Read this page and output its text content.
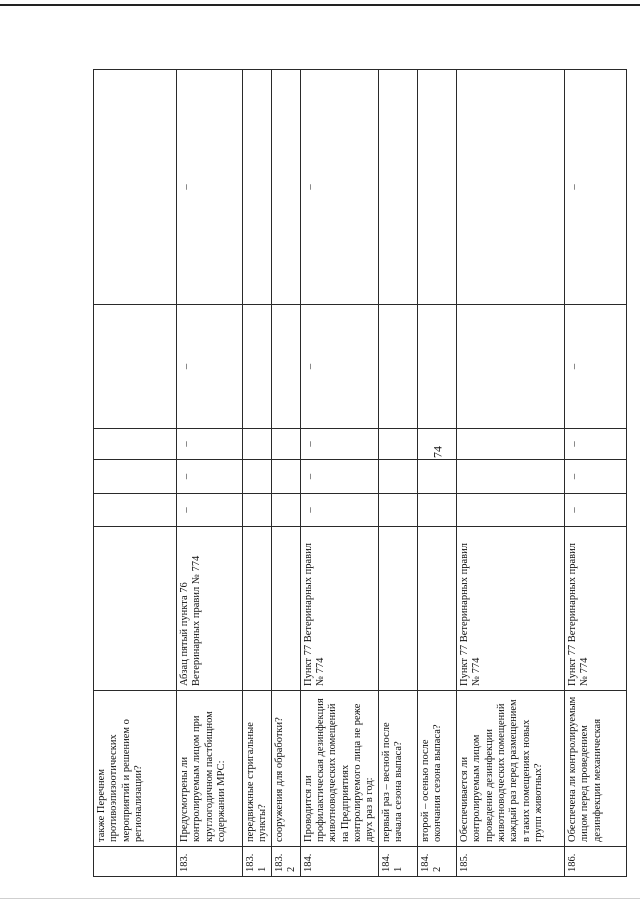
74
	также Перечнем противоэпизоотических мероприятий и решением о регионализации?						
183.	Предусмотрены ли контролируемым лицом при круглогодичном пастбищном содержании МРС:	Абзац пятый пункта 76 Ветеринарных правил № 774	–	–	–	–	–
183.1	передвижные стригальные пункты?						
183.2	сооружения для обработки?						
184.	Проводится ли профилактическая дезинфекция животноводческих помещений на Предприятиях контролируемого лица не реже двух раз в год:	Пункт 77 Ветеринарных правил № 774	–	–	–	–	–
184.1	первый раз – весной после начала сезона выпаса?						
184.2	второй – осенью после окончания сезона выпаса?						
185.	Обеспечивается ли контролируемым лицом проведение дезинфекции животноводческих помещений каждый раз перед размещением в таких помещениях новых групп животных?	Пункт 77 Ветеринарных правил № 774					
186.	Обеспечена ли контролируемым лицом перед проведением дезинфекции механическая	Пункт 77 Ветеринарных правил № 774	–	–	–	–	–
